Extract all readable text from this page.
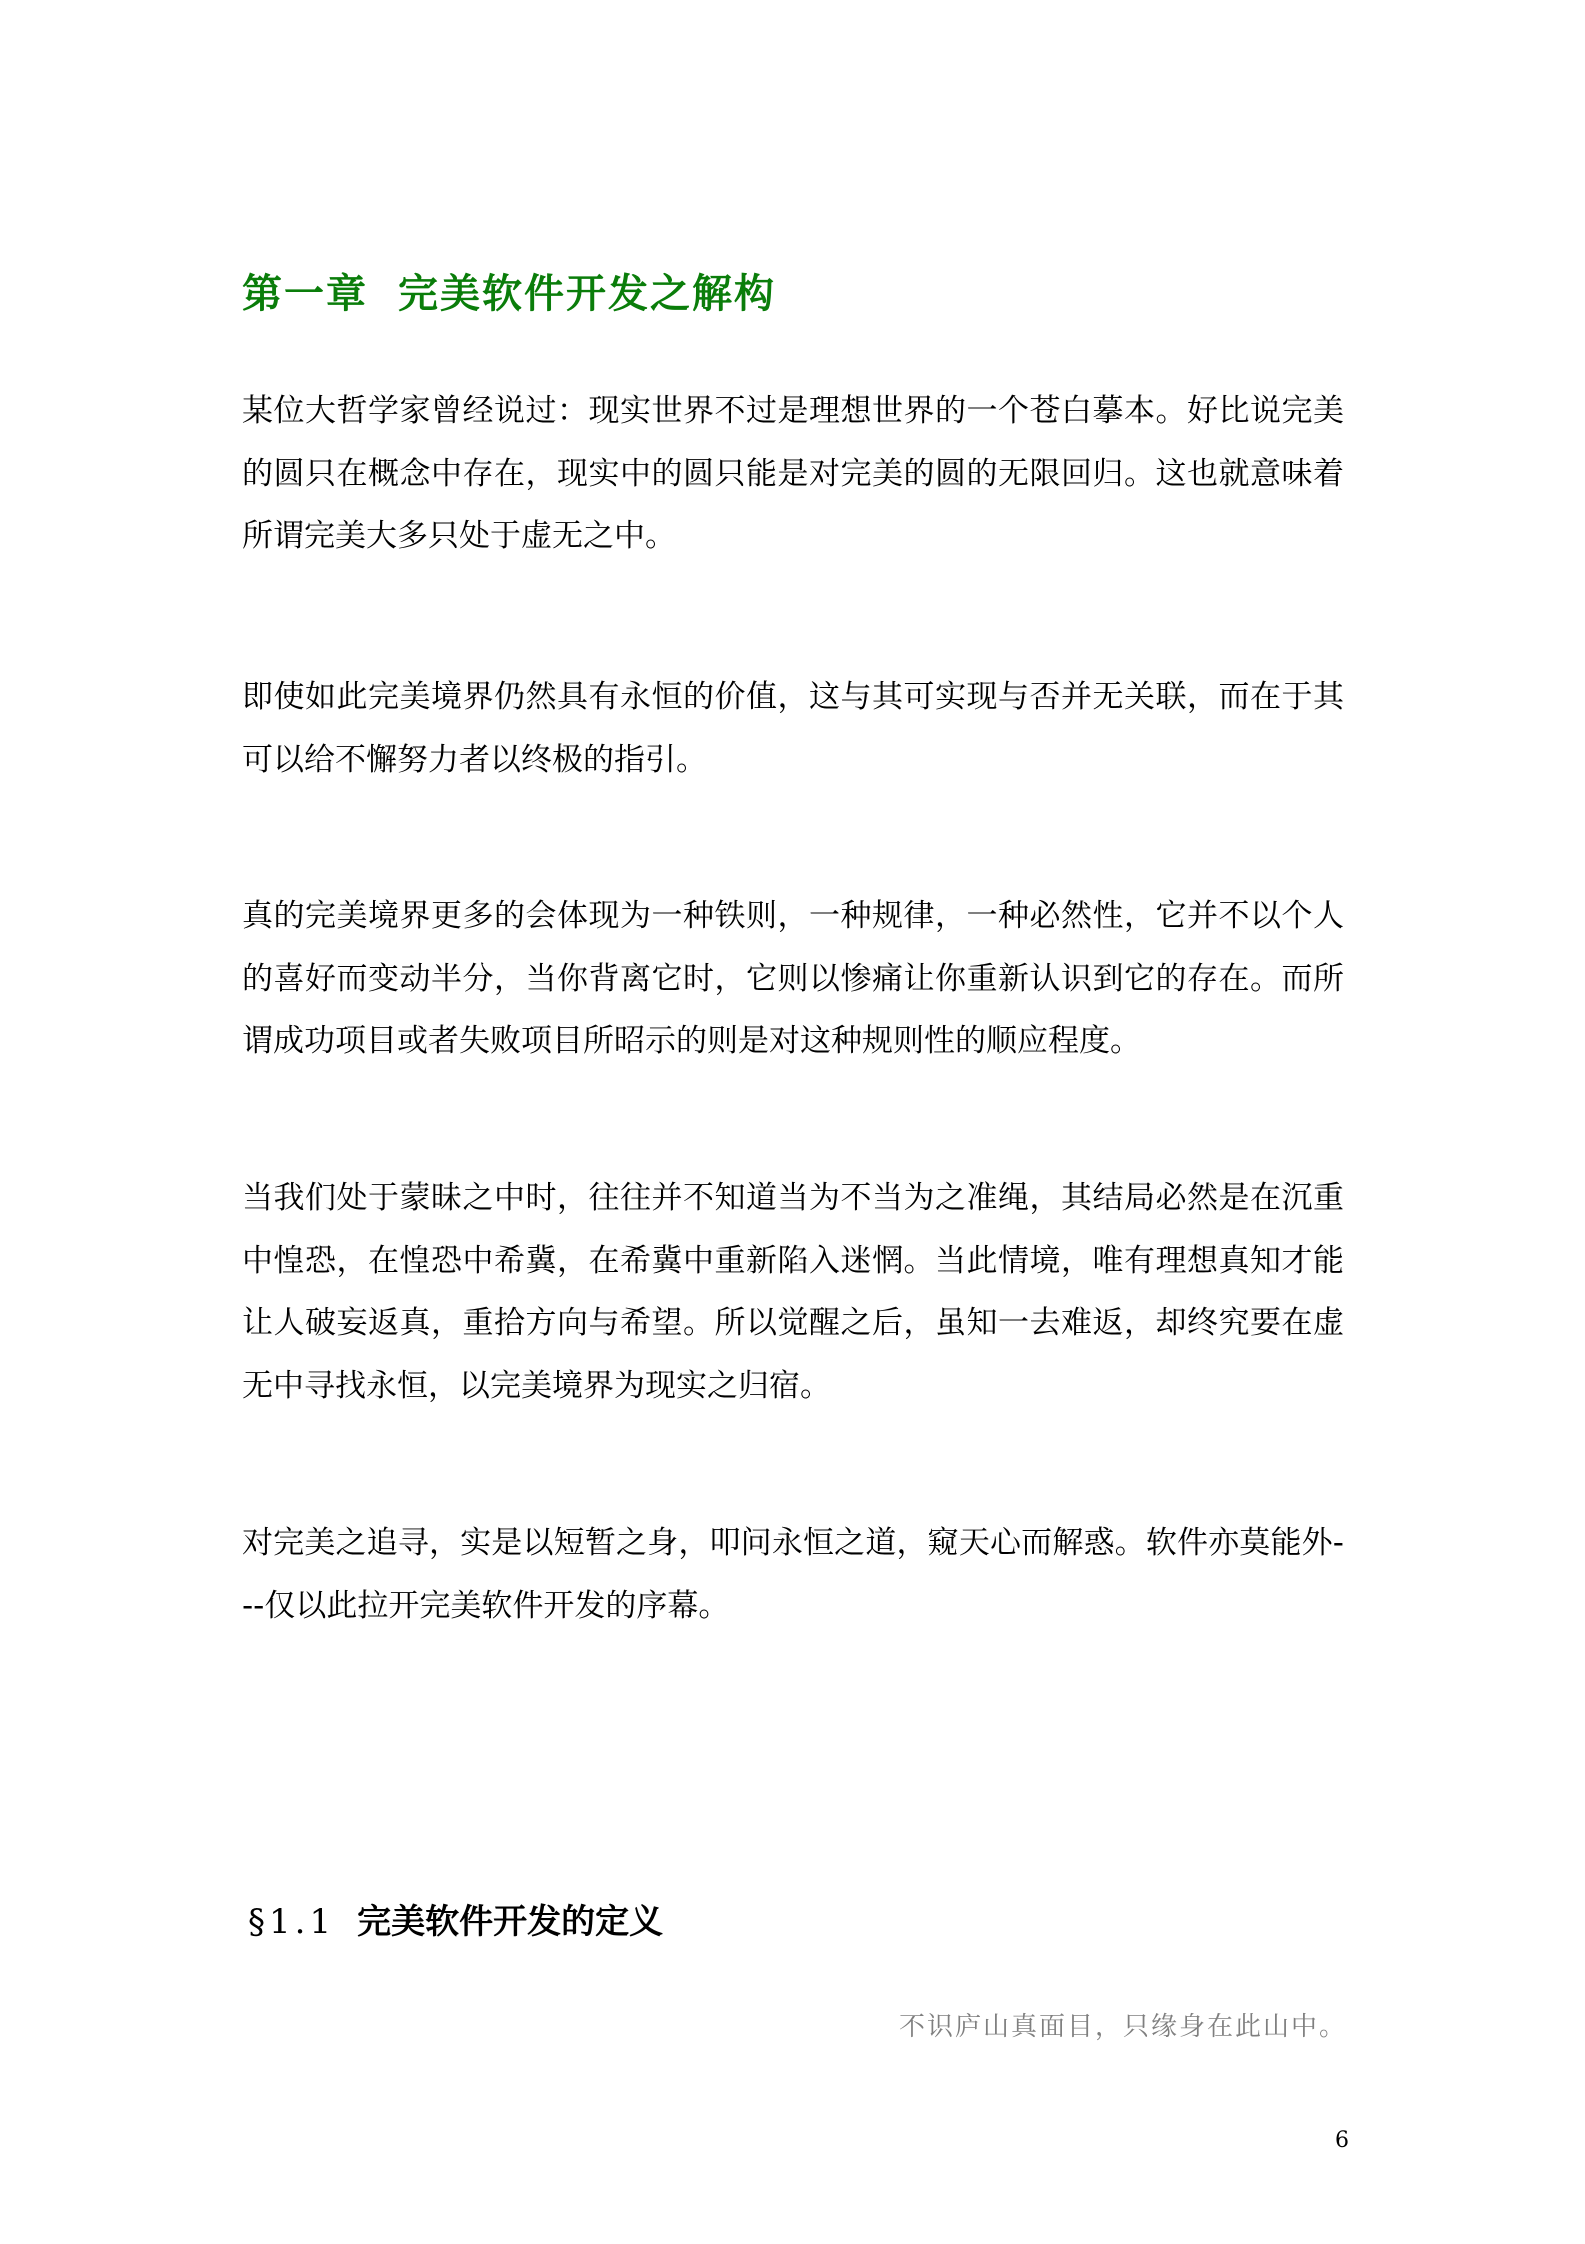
第一章 完美软件开发之解构

某位大哲学家曾经说过：现实世界不过是理想世界的一个苍白摹本。好比说完美的圆只在概念中存在，现实中的圆只能是对完美的圆的无限回归。这也就意味着所谓完美大多只处于虚无之中。

即使如此完美境界仍然具有永恒的价值，这与其可实现与否并无关联，而在于其可以给不懈努力者以终极的指引。

真的完美境界更多的会体现为一种铁则，一种规律，一种必然性，它并不以个人的喜好而变动半分，当你背离它时，它则以惨痛让你重新认识到它的存在。而所谓成功项目或者失败项目所昭示的则是对这种规则性的顺应程度。

当我们处于蒙昧之中时，往往并不知道当为不当为之准绳，其结局必然是在沉重中惶恐，在惶恐中希冀，在希冀中重新陷入迷惘。当此情境，唯有理想真知才能让人破妄返真，重拾方向与希望。所以觉醒之后，虽知一去难返，却终究要在虚无中寻找永恒，以完美境界为现实之归宿。

对完美之追寻，实是以短暂之身，叩问永恒之道，窥天心而解惑。软件亦莫能外---仅以此拉开完美软件开发的序幕。

§1.1 完美软件开发的定义

不识庐山真面目，只缘身在此山中。

6
